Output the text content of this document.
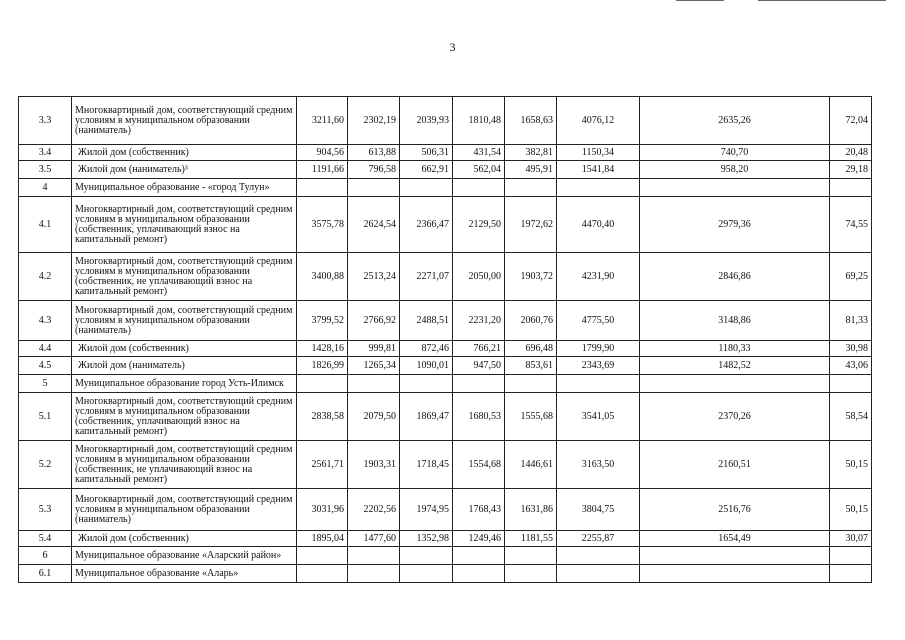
3
3.3	Многоквартирный дом, соответствующий средним условиям в муниципальном образовании (наниматель)	3211,60	2302,19	2039,93	1810,48	1658,63	4076,12	2635,26	72,04
3.4	Жилой дом (собственник)	904,56	613,88	506,31	431,54	382,81	1150,34	740,70	20,48
3.5	Жилой дом (наниматель)³	1191,66	796,58	662,91	562,04	495,91	1541,84	958,20	29,18
4	Муниципальное образование - «город Тулун»								
4.1	Многоквартирный дом, соответствующий средним условиям в муниципальном образовании (собственник, уплачивающий взнос на капитальный ремонт)	3575,78	2624,54	2366,47	2129,50	1972,62	4470,40	2979,36	74,55
4.2	Многоквартирный дом, соответствующий средним условиям в муниципальном образовании (собственник, не уплачивающий взнос на капитальный ремонт)	3400,88	2513,24	2271,07	2050,00	1903,72	4231,90	2846,86	69,25
4.3	Многоквартирный дом, соответствующий средним условиям в муниципальном образовании (наниматель)	3799,52	2766,92	2488,51	2231,20	2060,76	4775,50	3148,86	81,33
4.4	Жилой дом (собственник)	1428,16	999,81	872,46	766,21	696,48	1799,90	1180,33	30,98
4.5	Жилой дом (наниматель)	1826,99	1265,34	1090,01	947,50	853,61	2343,69	1482,52	43,06
5	Муниципальное образование город Усть-Илимск								
5.1	Многоквартирный дом, соответствующий средним условиям в муниципальном образовании (собственник, уплачивающий взнос на капитальный ремонт)	2838,58	2079,50	1869,47	1680,53	1555,68	3541,05	2370,26	58,54
5.2	Многоквартирный дом, соответствующий средним условиям в муниципальном образовании (собственник, не уплачивающий взнос на капитальный ремонт)	2561,71	1903,31	1718,45	1554,68	1446,61	3163,50	2160,51	50,15
5.3	Многоквартирный дом, соответствующий средним условиям в муниципальном образовании (наниматель)	3031,96	2202,56	1974,95	1768,43	1631,86	3804,75	2516,76	50,15
5.4	Жилой дом (собственник)	1895,04	1477,60	1352,98	1249,46	1181,55	2255,87	1654,49	30,07
6	Муниципальное образование «Аларский район»								
6.1	Муниципальное образование «Аларь»								
